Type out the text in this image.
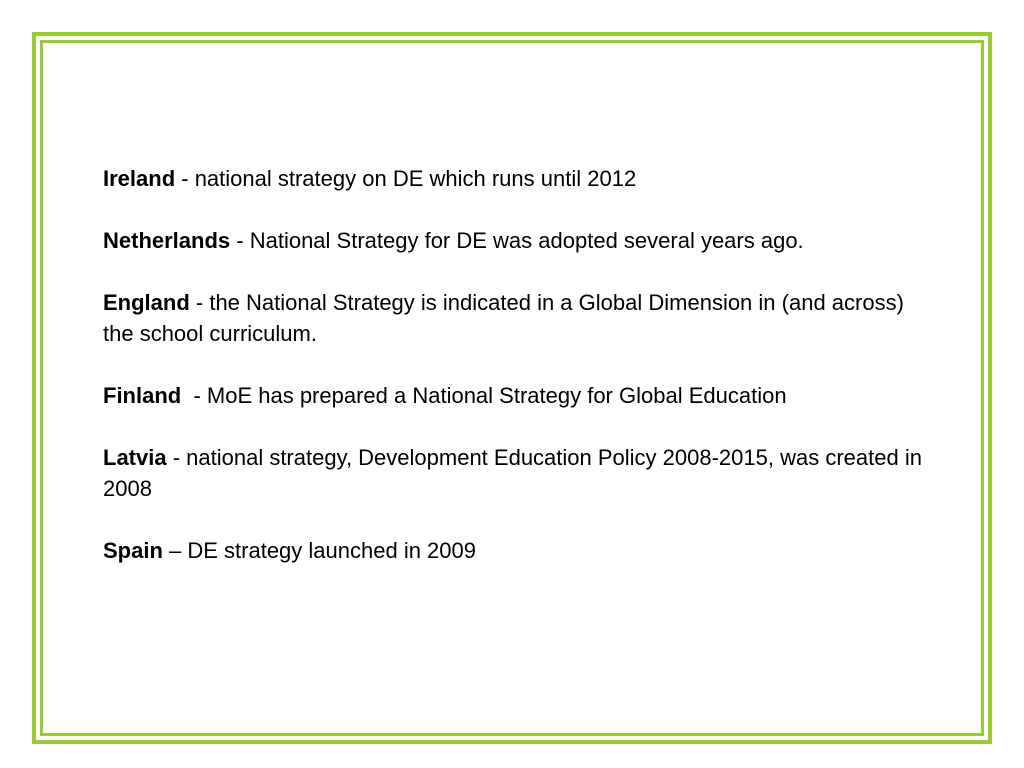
Ireland - national strategy on DE which runs until 2012

Netherlands - National Strategy for DE was adopted several years ago.

England - the National Strategy is indicated in a Global Dimension in (and across) the school curriculum.

Finland  - MoE has prepared a National Strategy for Global Education

Latvia - national strategy, Development Education Policy 2008-2015, was created in 2008

Spain – DE strategy launched in 2009
